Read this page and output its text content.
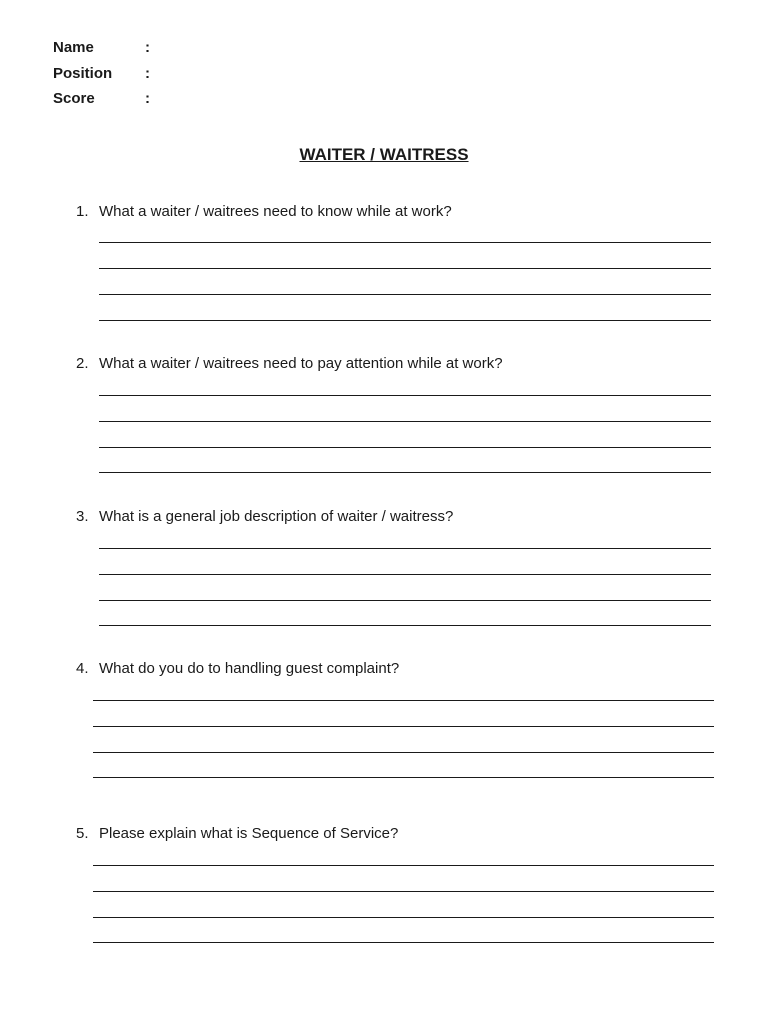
Name	:
Position :
Score	:
WAITER / WAITRESS
1. What a waiter / waitrees need to know while at work?
2. What a waiter / waitrees need to pay attention while at work?
3. What is a general job description of waiter / waitress?
4. What do you do to handling guest complaint?
5. Please explain what is Sequence of Service?
